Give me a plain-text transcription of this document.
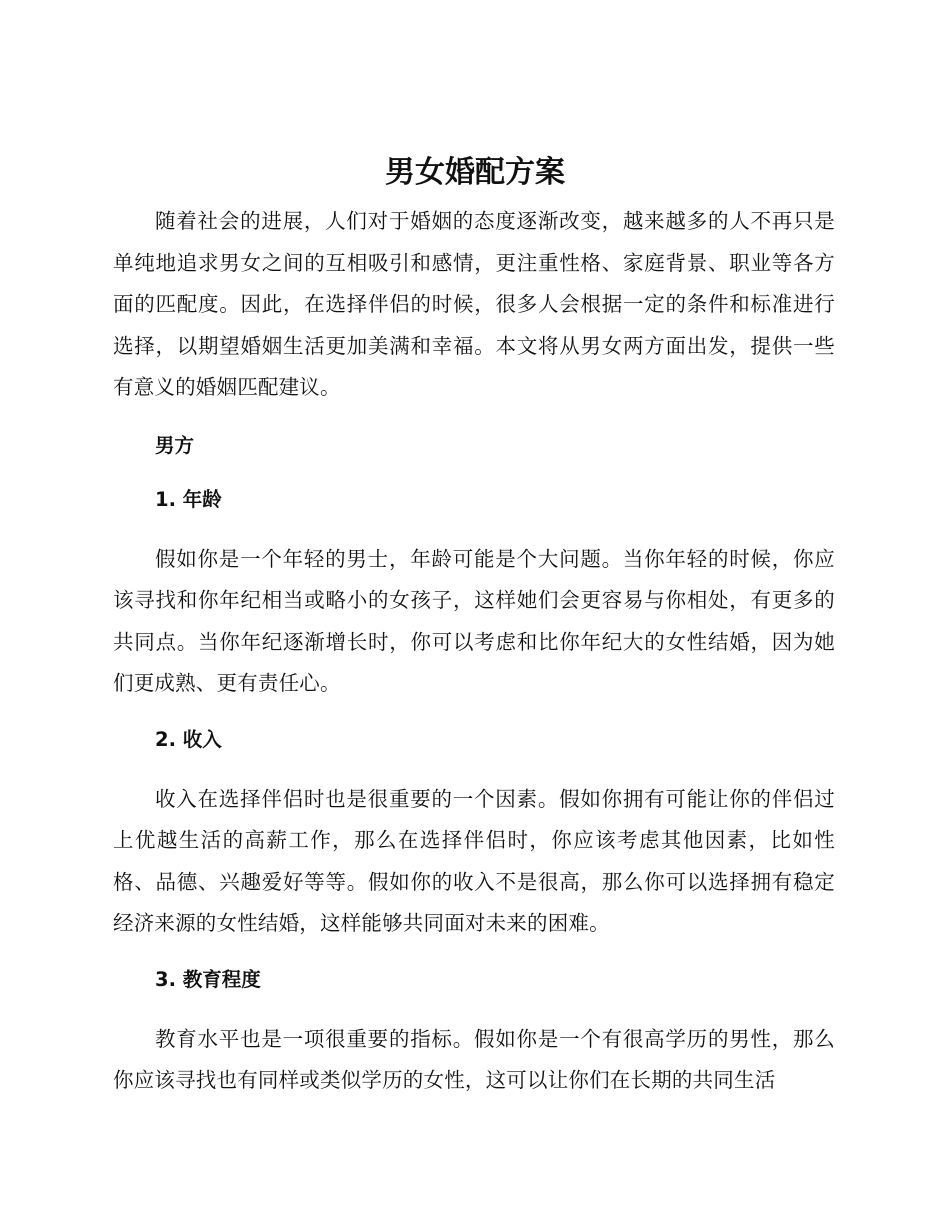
男女婚配方案

随着社会的进展，人们对于婚姻的态度逐渐改变，越来越多的人不再只是单纯地追求男女之间的互相吸引和感情，更注重性格、家庭背景、职业等各方面的匹配度。因此，在选择伴侣的时候，很多人会根据一定的条件和标准进行选择，以期望婚姻生活更加美满和幸福。本文将从男女两方面出发，提供一些有意义的婚姻匹配建议。

男方
1. 年龄

假如你是一个年轻的男士，年龄可能是个大问题。当你年轻的时候，你应该寻找和你年纪相当或略小的女孩子，这样她们会更容易与你相处，有更多的共同点。当你年纪逐渐增长时，你可以考虑和比你年纪大的女性结婚，因为她们更成熟、更有责任心。

2. 收入

收入在选择伴侣时也是很重要的一个因素。假如你拥有可能让你的伴侣过上优越生活的高薪工作，那么在选择伴侣时，你应该考虑其他因素，比如性格、品德、兴趣爱好等等。假如你的收入不是很高，那么你可以选择拥有稳定经济来源的女性结婚，这样能够共同面对未来的困难。

3. 教育程度

教育水平也是一项很重要的指标。假如你是一个有很高学历的男性，那么你应该寻找也有同样或类似学历的女性，这可以让你们在长期的共同生活
